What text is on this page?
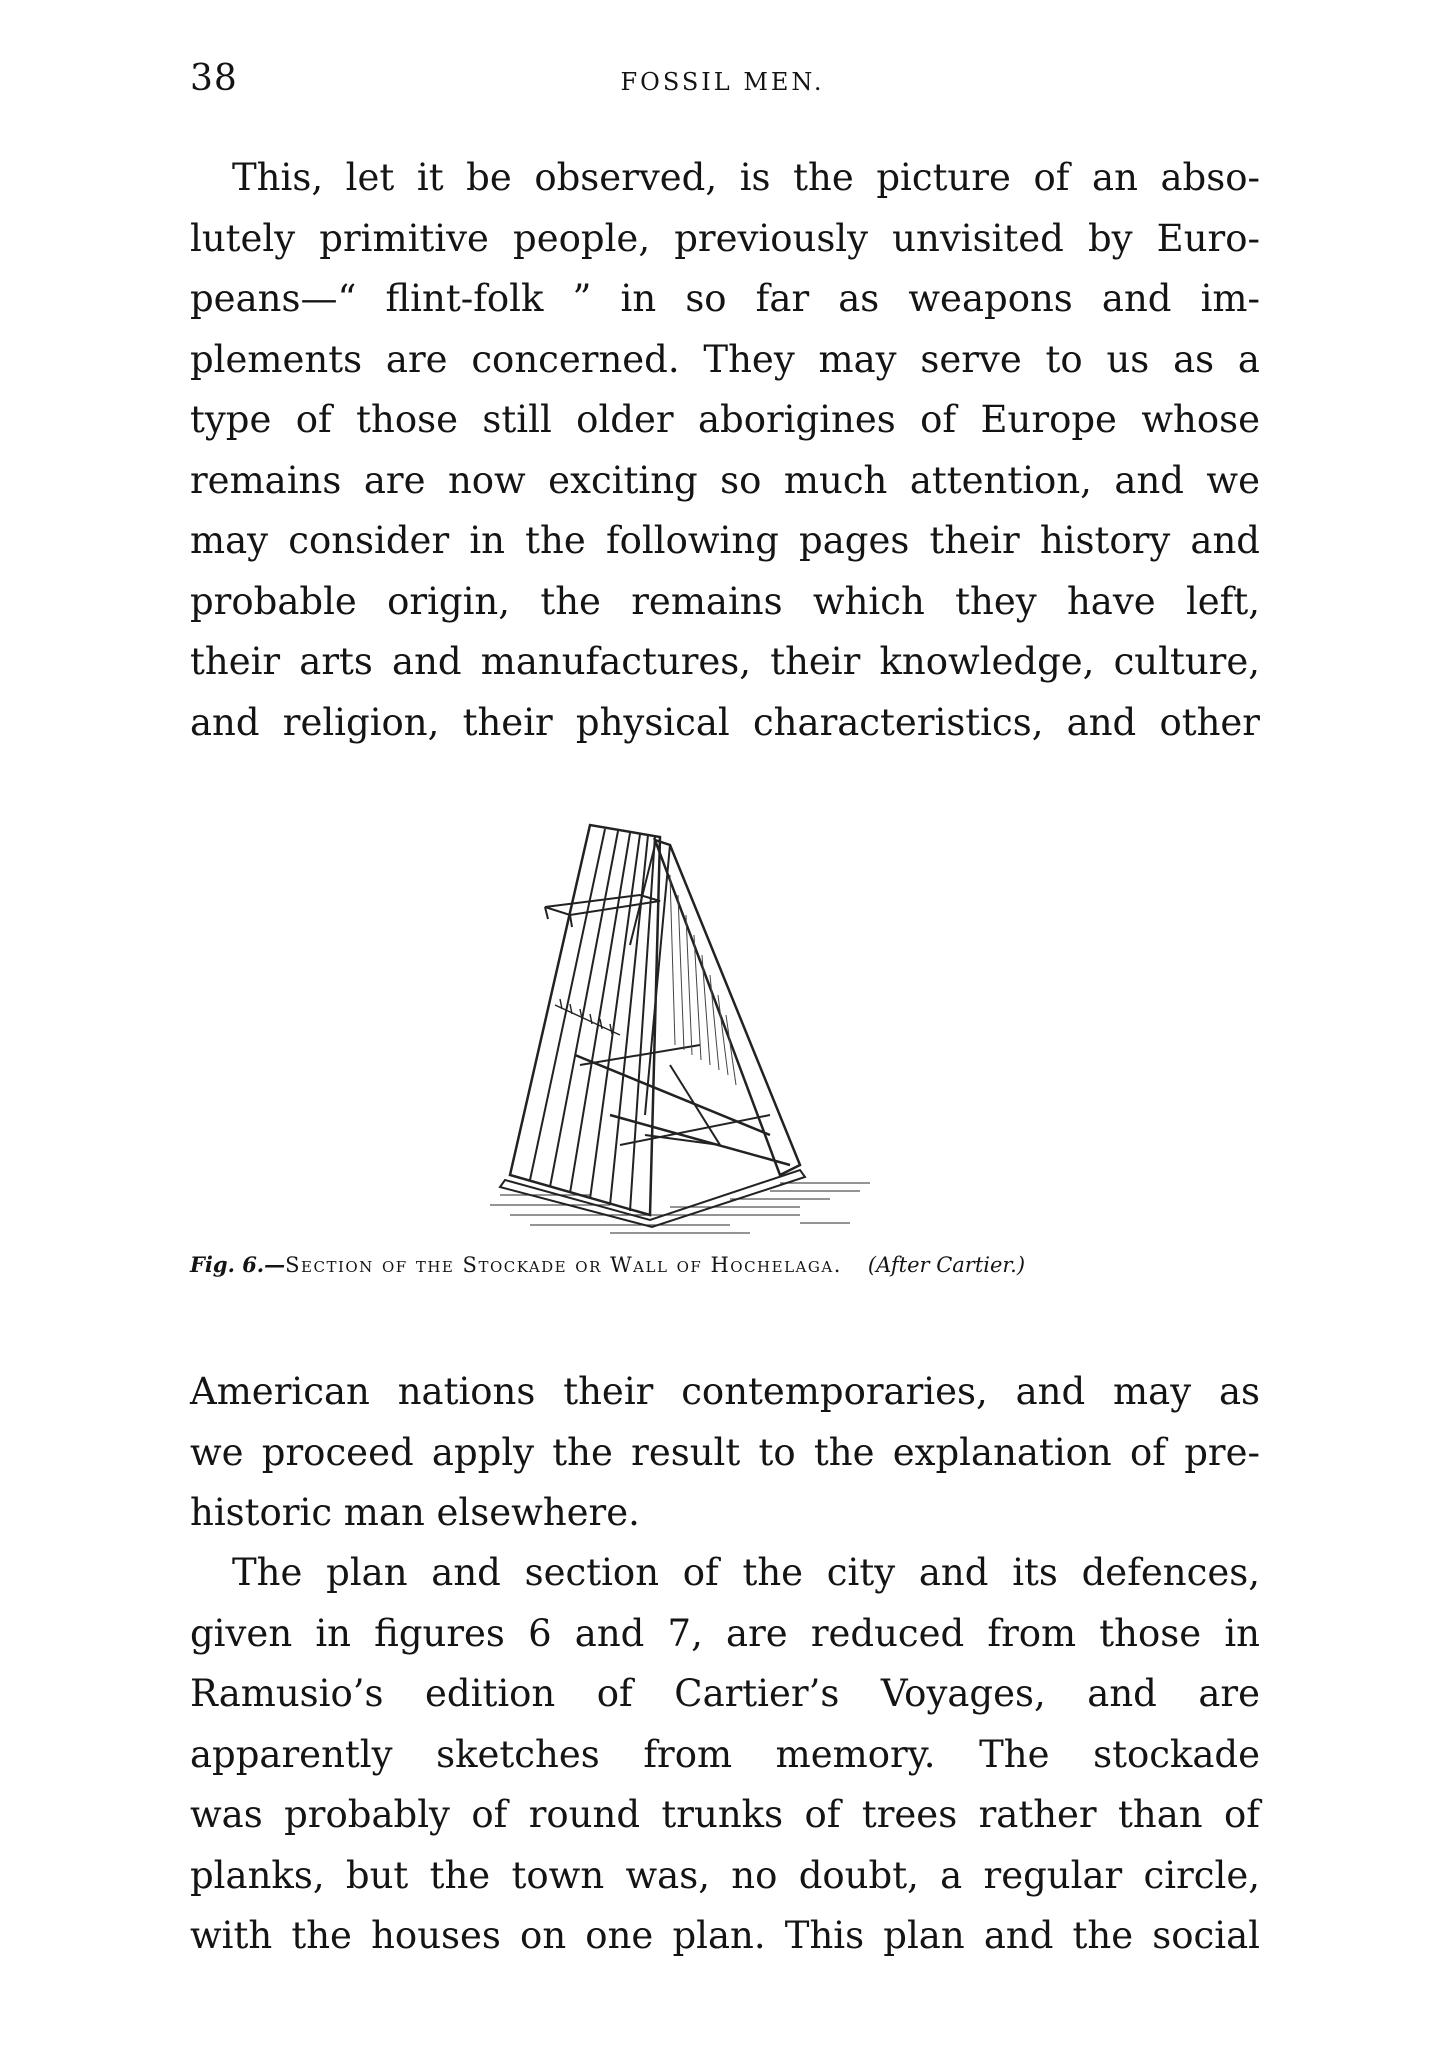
38	FOSSIL MEN.
This, let it be observed, is the picture of an abso-
lutely primitive people, previously unvisited by Euro-
peans—“ flint-folk ” in so far as weapons and im-
plements are concerned. They may serve to us as a
type of those still older aborigines of Europe whose
remains are now exciting so much attention, and we
may consider in the following pages their history and
probable origin, the remains which they have left,
their arts and manufactures, their knowledge, culture,
and religion, their physical characteristics, and other
Fig. 6.—Section of the Stockade or Wall of Hochelaga. (After Cartier.)
American nations their contemporaries, and may as
we proceed apply the result to the explanation of pre-
historic man elsewhere.
The plan and section of the city and its defences,
given in figures 6 and 7, are reduced from those in
Ramusio’s edition of Cartier’s Voyages, and are
apparently sketches from memory. The stockade
was probably of round trunks of trees rather than of
planks, but the town was, no doubt, a regular circle,
with the houses on one plan. This plan and the social
